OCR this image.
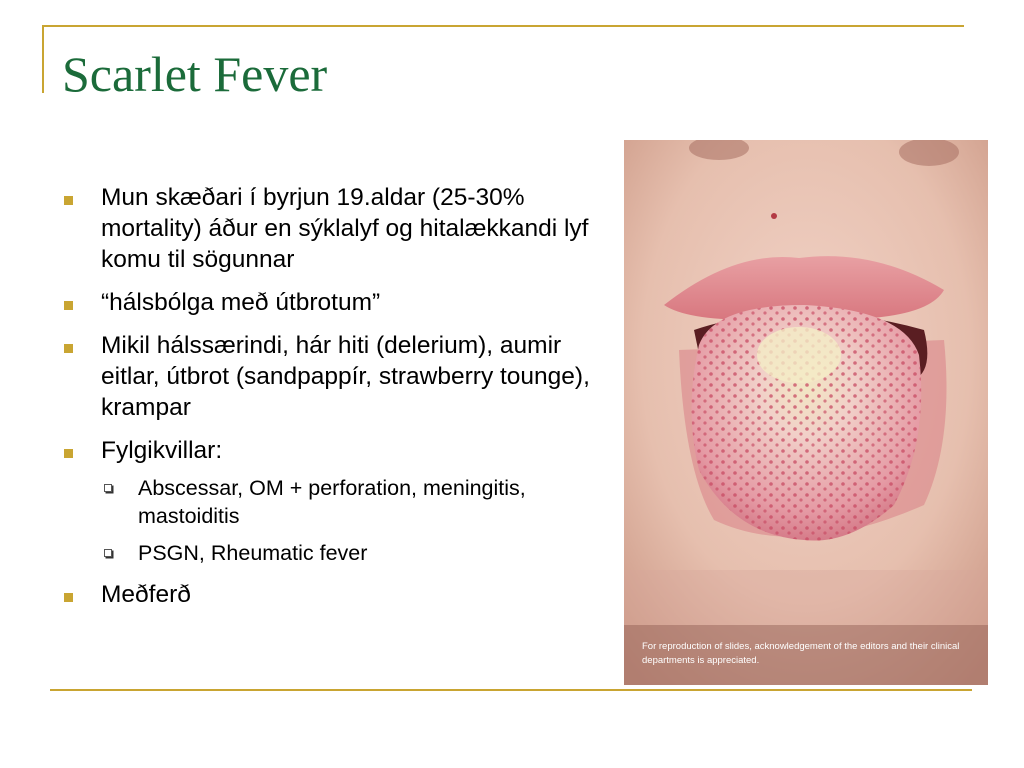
Scarlet Fever
Mun skæðari í byrjun 19.aldar (25-30% mortality) áður en sýklalyf og hitalækkandi lyf komu til sögunnar
“hálsbólga með útbrotum”
Mikil hálssærindi, hár hiti (delerium), aumir eitlar, útbrot (sandpappír, strawberry tounge), krampar
Fylgikvillar:
Abscessar, OM + perforation, meningitis, mastoiditis
PSGN, Rheumatic fever
Meðferð
For reproduction of slides, acknowledgement of the editors and their clinical departments is appreciated.
